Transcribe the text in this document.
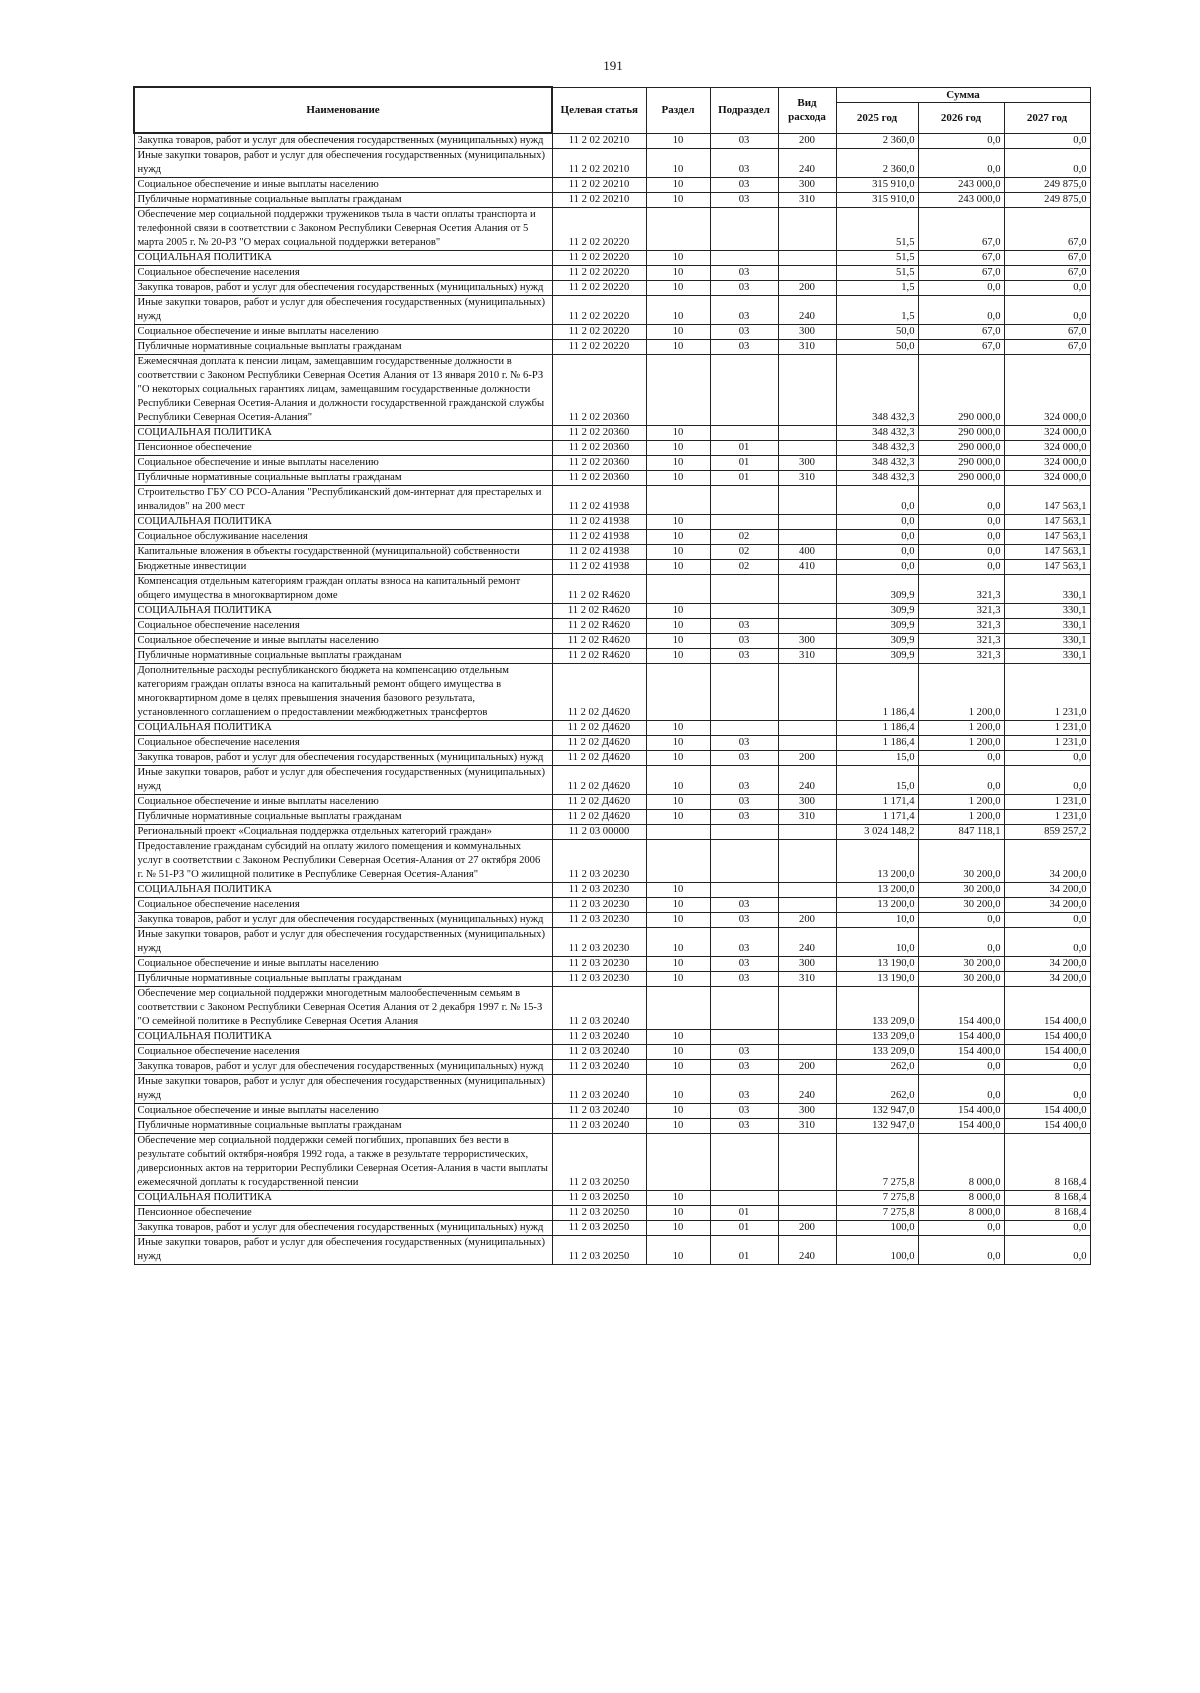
191
Наименование	Целевая статья	Раздел	Подраздел	Вид расхода	Сумма		
					2025 год	2026 год	2027 год
Закупка товаров, работ и услуг для обеспечения государственных (муниципальных) нужд	11 2 02 20210	10	03	200	2 360,0	0,0	0,0
Иные закупки товаров, работ и услуг для обеспечения государственных (муниципальных) нужд	11 2 02 20210	10	03	240	2 360,0	0,0	0,0
Социальное обеспечение и иные выплаты населению	11 2 02 20210	10	03	300	315 910,0	243 000,0	249 875,0
Публичные нормативные социальные выплаты гражданам	11 2 02 20210	10	03	310	315 910,0	243 000,0	249 875,0
Обеспечение мер социальной поддержки тружеников тыла в части оплаты транспорта и телефонной связи в соответствии с Законом Республики Северная Осетия Алания от 5 марта 2005 г. № 20-РЗ "О мерах социальной поддержки ветеранов"	11 2 02 20220				51,5	67,0	67,0
СОЦИАЛЬНАЯ ПОЛИТИКА	11 2 02 20220	10			51,5	67,0	67,0
Социальное обеспечение населения	11 2 02 20220	10	03		51,5	67,0	67,0
Закупка товаров, работ и услуг для обеспечения государственных (муниципальных) нужд	11 2 02 20220	10	03	200	1,5	0,0	0,0
Иные закупки товаров, работ и услуг для обеспечения государственных (муниципальных) нужд	11 2 02 20220	10	03	240	1,5	0,0	0,0
Социальное обеспечение и иные выплаты населению	11 2 02 20220	10	03	300	50,0	67,0	67,0
Публичные нормативные социальные выплаты гражданам	11 2 02 20220	10	03	310	50,0	67,0	67,0
Ежемесячная доплата к пенсии лицам, замещавшим государственные должности в соответствии с Законом Республики Северная Осетия Алания от 13 января 2010 г. № 6-РЗ "О некоторых социальных гарантиях лицам, замещавшим государственные должности Республики Северная Осетия-Алания и должности государственной гражданской службы Республики Северная Осетия-Алания"	11 2 02 20360				348 432,3	290 000,0	324 000,0
СОЦИАЛЬНАЯ ПОЛИТИКА	11 2 02 20360	10			348 432,3	290 000,0	324 000,0
Пенсионное обеспечение	11 2 02 20360	10	01		348 432,3	290 000,0	324 000,0
Социальное обеспечение и иные выплаты населению	11 2 02 20360	10	01	300	348 432,3	290 000,0	324 000,0
Публичные нормативные социальные выплаты гражданам	11 2 02 20360	10	01	310	348 432,3	290 000,0	324 000,0
Строительство ГБУ СО РСО-Алания "Республиканский дом-интернат для престарелых и инвалидов" на 200 мест	11 2 02 41938				0,0	0,0	147 563,1
СОЦИАЛЬНАЯ ПОЛИТИКА	11 2 02 41938	10			0,0	0,0	147 563,1
Социальное обслуживание населения	11 2 02 41938	10	02		0,0	0,0	147 563,1
Капитальные вложения в объекты государственной (муниципальной) собственности	11 2 02 41938	10	02	400	0,0	0,0	147 563,1
Бюджетные инвестиции	11 2 02 41938	10	02	410	0,0	0,0	147 563,1
Компенсация отдельным категориям граждан оплаты взноса на капитальный ремонт общего имущества в многоквартирном доме	11 2 02 R4620				309,9	321,3	330,1
СОЦИАЛЬНАЯ ПОЛИТИКА	11 2 02 R4620	10			309,9	321,3	330,1
Социальное обеспечение населения	11 2 02 R4620	10	03		309,9	321,3	330,1
Социальное обеспечение и иные выплаты населению	11 2 02 R4620	10	03	300	309,9	321,3	330,1
Публичные нормативные социальные выплаты гражданам	11 2 02 R4620	10	03	310	309,9	321,3	330,1
Дополнительные расходы республиканского бюджета на компенсацию отдельным категориям граждан оплаты взноса на капитальный ремонт общего имущества в многоквартирном доме в целях превышения значения базового результата, установленного соглашением о предоставлении межбюджетных трансфертов	11 2 02 Д4620				1 186,4	1 200,0	1 231,0
СОЦИАЛЬНАЯ ПОЛИТИКА	11 2 02 Д4620	10			1 186,4	1 200,0	1 231,0
Социальное обеспечение населения	11 2 02 Д4620	10	03		1 186,4	1 200,0	1 231,0
Закупка товаров, работ и услуг для обеспечения государственных (муниципальных) нужд	11 2 02 Д4620	10	03	200	15,0	0,0	0,0
Иные закупки товаров, работ и услуг для обеспечения государственных (муниципальных) нужд	11 2 02 Д4620	10	03	240	15,0	0,0	0,0
Социальное обеспечение и иные выплаты населению	11 2 02 Д4620	10	03	300	1 171,4	1 200,0	1 231,0
Публичные нормативные социальные выплаты гражданам	11 2 02 Д4620	10	03	310	1 171,4	1 200,0	1 231,0
Региональный проект «Социальная поддержка отдельных категорий граждан»	11 2 03 00000				3 024 148,2	847 118,1	859 257,2
Предоставление гражданам субсидий на оплату жилого помещения и коммунальных услуг в соответствии с Законом Республики Северная Осетия-Алания от 27 октября 2006 г. № 51-РЗ "О жилищной политике в Республике Северная Осетия-Алания"	11 2 03 20230				13 200,0	30 200,0	34 200,0
СОЦИАЛЬНАЯ ПОЛИТИКА	11 2 03 20230	10			13 200,0	30 200,0	34 200,0
Социальное обеспечение населения	11 2 03 20230	10	03		13 200,0	30 200,0	34 200,0
Закупка товаров, работ и услуг для обеспечения государственных (муниципальных) нужд	11 2 03 20230	10	03	200	10,0	0,0	0,0
Иные закупки товаров, работ и услуг для обеспечения государственных (муниципальных) нужд	11 2 03 20230	10	03	240	10,0	0,0	0,0
Социальное обеспечение и иные выплаты населению	11 2 03 20230	10	03	300	13 190,0	30 200,0	34 200,0
Публичные нормативные социальные выплаты гражданам	11 2 03 20230	10	03	310	13 190,0	30 200,0	34 200,0
Обеспечение мер социальной поддержки многодетным малообеспеченным семьям в соответствии с Законом Республики Северная Осетия Алания от 2 декабря 1997 г. № 15-З "О семейной политике в Республике Северная Осетия Алания	11 2 03 20240				133 209,0	154 400,0	154 400,0
СОЦИАЛЬНАЯ ПОЛИТИКА	11 2 03 20240	10			133 209,0	154 400,0	154 400,0
Социальное обеспечение населения	11 2 03 20240	10	03		133 209,0	154 400,0	154 400,0
Закупка товаров, работ и услуг для обеспечения государственных (муниципальных) нужд	11 2 03 20240	10	03	200	262,0	0,0	0,0
Иные закупки товаров, работ и услуг для обеспечения государственных (муниципальных) нужд	11 2 03 20240	10	03	240	262,0	0,0	0,0
Социальное обеспечение и иные выплаты населению	11 2 03 20240	10	03	300	132 947,0	154 400,0	154 400,0
Публичные нормативные социальные выплаты гражданам	11 2 03 20240	10	03	310	132 947,0	154 400,0	154 400,0
Обеспечение мер социальной поддержки семей погибших, пропавших без вести в результате событий октября-ноября 1992 года, а также в результате террористических, диверсионных актов на территории Республики Северная Осетия-Алания в части выплаты ежемесячной доплаты к государственной пенсии	11 2 03 20250				7 275,8	8 000,0	8 168,4
СОЦИАЛЬНАЯ ПОЛИТИКА	11 2 03 20250	10			7 275,8	8 000,0	8 168,4
Пенсионное обеспечение	11 2 03 20250	10	01		7 275,8	8 000,0	8 168,4
Закупка товаров, работ и услуг для обеспечения государственных (муниципальных) нужд	11 2 03 20250	10	01	200	100,0	0,0	0,0
Иные закупки товаров, работ и услуг для обеспечения государственных (муниципальных) нужд	11 2 03 20250	10	01	240	100,0	0,0	0,0
